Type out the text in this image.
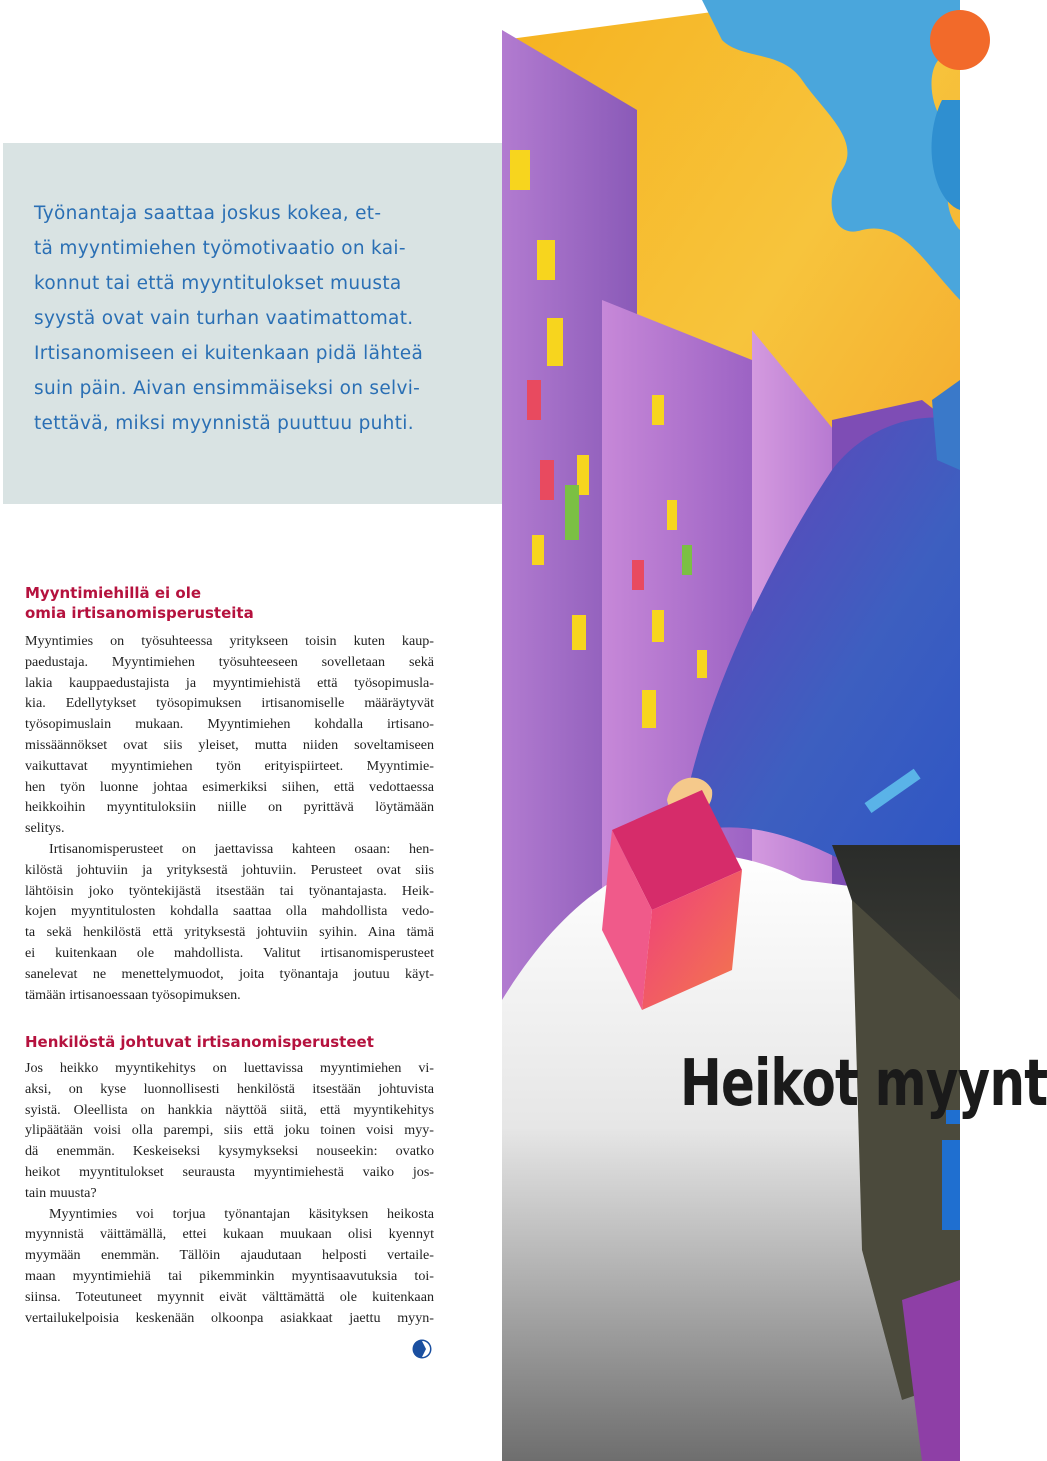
Työnantaja saattaa joskus kokea, et-
tä myyntimiehen työmotivaatio on kai-
konnut tai että myyntitulokset muusta
syystä ovat vain turhan vaatimattomat.
Irtisanomiseen ei kuitenkaan pidä lähteä
suin päin. Aivan ensimmäiseksi on selvi-
tettävä, miksi myynnistä puuttuu puhti.
Myyntimiehillä ei ole
omia irtisanomisperusteita
Myyntimies on työsuhteessa yritykseen toisin kuten kaup-
paedustaja. Myyntimiehen työsuhteeseen sovelletaan sekä
lakia kauppaedustajista ja myyntimiehistä että työsopimusla-
kia. Edellytykset työsopimuksen irtisanomiselle määräytyvät
työsopimuslain mukaan. Myyntimiehen kohdalla irtisano-
missäännökset ovat siis yleiset, mutta niiden soveltamiseen
vaikuttavat myyntimiehen työn erityispiirteet. Myyntimie-
hen työn luonne johtaa esimerkiksi siihen, että vedottaessa
heikkoihin myyntituloksiin niille on pyrittävä löytämään
selitys.
Irtisanomisperusteet on jaettavissa kahteen osaan: hen-
kilöstä johtuviin ja yrityksestä johtuviin. Perusteet ovat siis
lähtöisin joko työntekijästä itsestään tai työnantajasta. Heik-
kojen myyntitulosten kohdalla saattaa olla mahdollista vedo-
ta sekä henkilöstä että yrityksestä johtuviin syihin. Aina tämä
ei kuitenkaan ole mahdollista. Valitut irtisanomisperusteet
sanelevat ne menettelymuodot, joita työnantaja joutuu käyt-
tämään irtisanoessaan työsopimuksen.
Henkilöstä johtuvat irtisanomisperusteet
Jos heikko myyntikehitys on luettavissa myyntimiehen vi-
aksi, on kyse luonnollisesti henkilöstä itsestään johtuvista
syistä. Oleellista on hankkia näyttöä siitä, että myyntikehitys
ylipäätään voisi olla parempi, siis että joku toinen voisi myy-
dä enemmän. Keskeiseksi kysymykseksi nouseekin: ovatko
heikot myyntitulokset seurausta myyntimiehestä vaiko jos-
tain muusta?
Myyntimies voi torjua työnantajan käsityksen heikosta
myynnistä väittämällä, ettei kukaan muukaan olisi kyennyt
myymään enemmän. Tällöin ajaudutaan helposti vertaile-
maan myyntimiehiä tai pikemminkin myyntisaavutuksia toi-
siinsa. Toteutuneet myynnit eivät välttämättä ole kuitenkaan
vertailukelpoisia keskenään olkoonpa asiakkaat jaettu myyn-
Heikot myynt
